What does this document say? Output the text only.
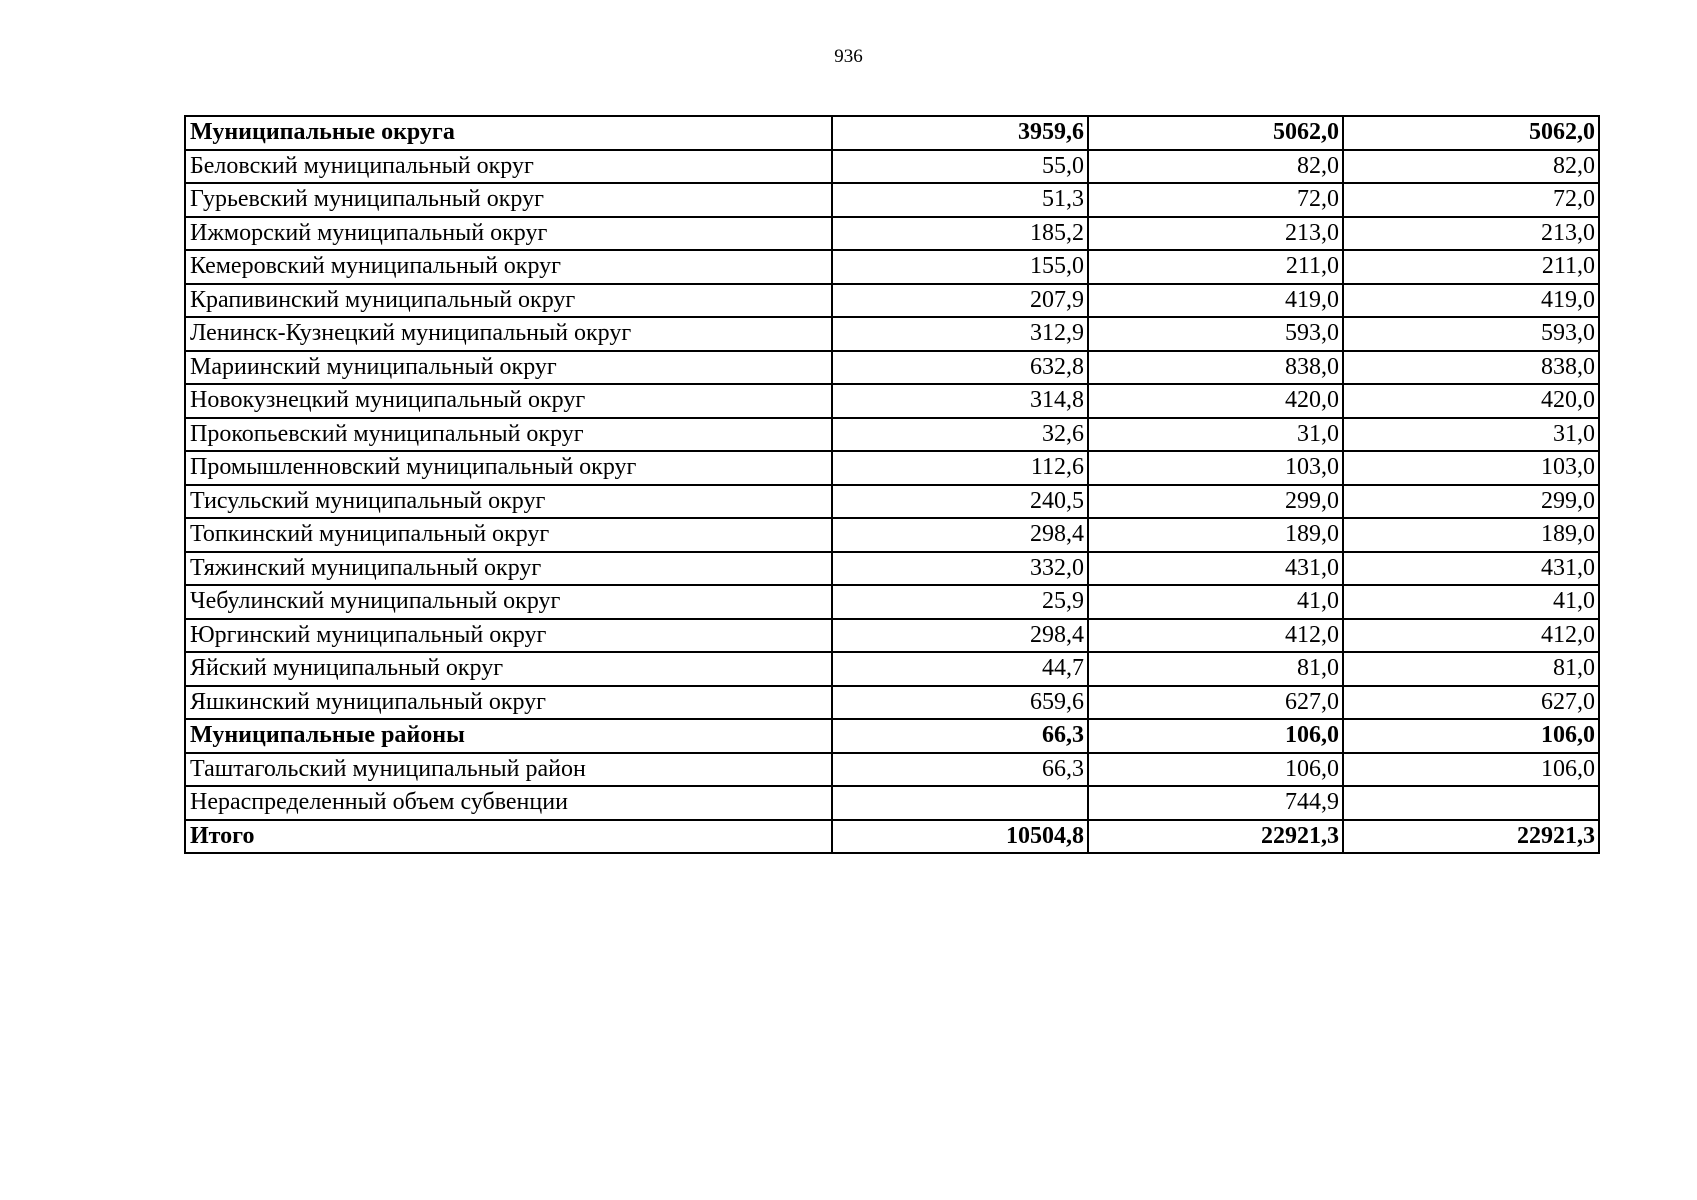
936
Муниципальные округа	3959,6	5062,0	5062,0
Беловский муниципальный округ	55,0	82,0	82,0
Гурьевский муниципальный округ	51,3	72,0	72,0
Ижморский муниципальный округ	185,2	213,0	213,0
Кемеровский муниципальный округ	155,0	211,0	211,0
Крапивинский муниципальный округ	207,9	419,0	419,0
Ленинск-Кузнецкий муниципальный округ	312,9	593,0	593,0
Мариинский муниципальный округ	632,8	838,0	838,0
Новокузнецкий муниципальный округ	314,8	420,0	420,0
Прокопьевский муниципальный округ	32,6	31,0	31,0
Промышленновский муниципальный округ	112,6	103,0	103,0
Тисульский муниципальный округ	240,5	299,0	299,0
Топкинский муниципальный округ	298,4	189,0	189,0
Тяжинский муниципальный округ	332,0	431,0	431,0
Чебулинский муниципальный округ	25,9	41,0	41,0
Юргинский муниципальный округ	298,4	412,0	412,0
Яйский муниципальный округ	44,7	81,0	81,0
Яшкинский муниципальный округ	659,6	627,0	627,0
Муниципальные районы	66,3	106,0	106,0
Таштагольский муниципальный район	66,3	106,0	106,0
Нераспределенный объем субвенции		744,9	
Итого	10504,8	22921,3	22921,3
